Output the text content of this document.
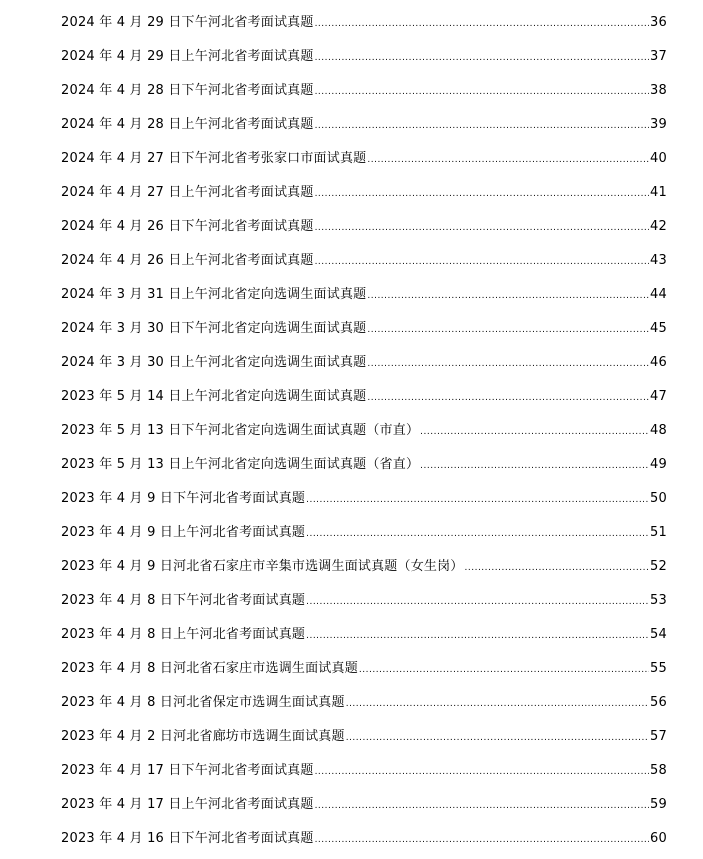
2024 年 4 月 29 日下午河北省考面试真题 .....	36
2024 年 4 月 29 日上午河北省考面试真题 .....	37
2024 年 4 月 28 日下午河北省考面试真题 .....	38
2024 年 4 月 28 日上午河北省考面试真题 .....	39
2024 年 4 月 27 日下午河北省考张家口市面试真题 .....	40
2024 年 4 月 27 日上午河北省考面试真题 .....	41
2024 年 4 月 26 日下午河北省考面试真题 .....	42
2024 年 4 月 26 日上午河北省考面试真题 .....	43
2024 年 3 月 31 日上午河北省定向选调生面试真题 .....	44
2024 年 3 月 30 日下午河北省定向选调生面试真题 .....	45
2024 年 3 月 30 日上午河北省定向选调生面试真题 .....	46
2023 年 5 月 14 日上午河北省定向选调生面试真题 .....	47
2023 年 5 月 13 日下午河北省定向选调生面试真题（市直） .....	48
2023 年 5 月 13 日上午河北省定向选调生面试真题（省直） .....	49
2023 年 4 月 9 日下午河北省考面试真题 .....	50
2023 年 4 月 9 日上午河北省考面试真题 .....	51
2023 年 4 月 9 日河北省石家庄市辛集市选调生面试真题（女生岗） .....	52
2023 年 4 月 8 日下午河北省考面试真题 .....	53
2023 年 4 月 8 日上午河北省考面试真题 .....	54
2023 年 4 月 8 日河北省石家庄市选调生面试真题 .....	55
2023 年 4 月 8 日河北省保定市选调生面试真题 .....	56
2023 年 4 月 2 日河北省廊坊市选调生面试真题 .....	57
2023 年 4 月 17 日下午河北省考面试真题 .....	58
2023 年 4 月 17 日上午河北省考面试真题 .....	59
2023 年 4 月 16 日下午河北省考面试真题 .....	60
